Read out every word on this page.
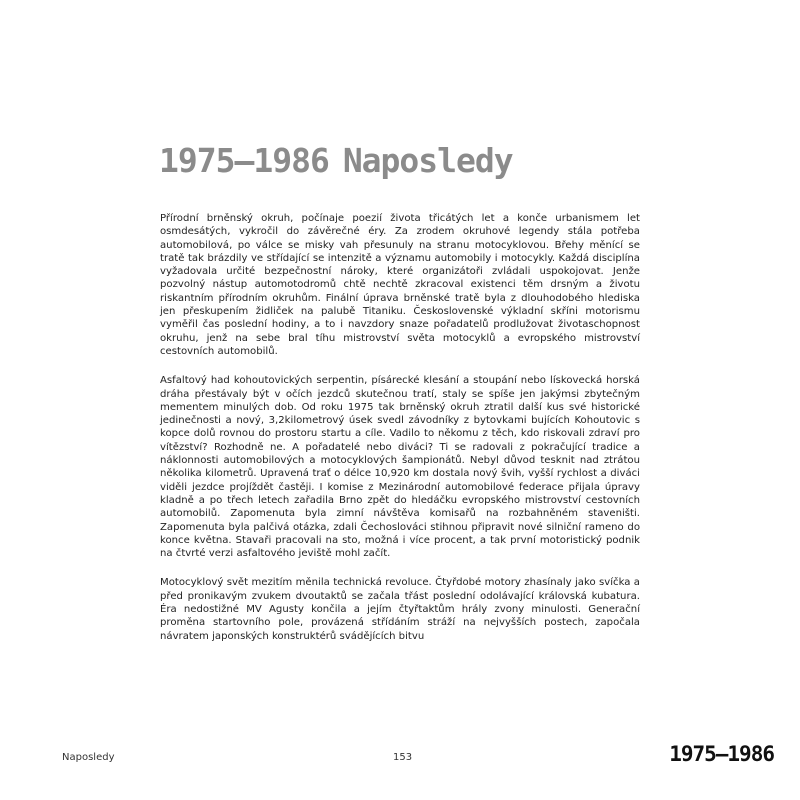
1975–1986 Naposledy

Přírodní brněnský okruh, počínaje poezií života třicátých let a konče urbanismem let osmdesátých, vykročil do závěrečné éry. Za zrodem okruhové legendy stála potřeba automobilová, po válce se misky vah přesunuly na stranu motocyklovou. Břehy měnící se tratě tak brázdily ve střídající se intenzitě a významu automobily i motocykly. Každá disciplína vyžadovala určité bezpečnostní nároky, které organizátoři zvládali uspokojovat. Jenže pozvolný nástup automotodromů chtě nechtě zkracoval existenci těm drsným a životu riskantním přírodním okruhům. Finální úprava brněnské tratě byla z dlouhodobého hlediska jen přeskupením židliček na palubě Titaniku. Československé výkladní skříni motorismu vyměřil čas poslední hodiny, a to i navzdory snaze pořadatelů prodlužovat životaschopnost okruhu, jenž na sebe bral tíhu mistrovství světa motocyklů a evropského mistrovství cestovních automobilů.

Asfaltový had kohoutovických serpentin, písárecké klesání a stoupání nebo lískovecká horská dráha přestávaly být v očích jezdců skutečnou tratí, staly se spíše jen jakýmsi zbytečným mementem minulých dob. Od roku 1975 tak brněnský okruh ztratil další kus své historické jedinečnosti a nový, 3,2kilometrový úsek svedl závodníky z bytovkami bujících Kohoutovic s kopce dolů rovnou do prostoru startu a cíle. Vadilo to někomu z těch, kdo riskovali zdraví pro vítězství? Rozhodně ne. A pořadatelé nebo diváci? Ti se radovali z pokračující tradice a náklonnosti automobilových a motocyklových šampionátů. Nebyl důvod tesknit nad ztrátou několika kilometrů. Upravená trať o délce 10,920 km dostala nový švih, vyšší rychlost a diváci viděli jezdce projíždět častěji. I komise z Mezinárodní automobilové federace přijala úpravy kladně a po třech letech zařadila Brno zpět do hledáčku evropského mistrovství cestovních automobilů. Zapomenuta byla zimní návštěva komisařů na rozbahněném staveništi. Zapomenuta byla palčivá otázka, zdali Čechoslováci stihnou připravit nové silniční rameno do konce května. Stavaři pracovali na sto, možná i více procent, a tak první motoristický podnik na čtvrté verzi asfaltového jeviště mohl začít.

Motocyklový svět mezitím měnila technická revoluce. Čtyřdobé motory zhasínaly jako svíčka a před pronikavým zvukem dvoutaktů se začala třást poslední odolávající královská kubatura. Éra nedostižné MV Agusty končila a jejím čtyřtaktům hrály zvony minulosti. Generační proměna startovního pole, provázená střídáním stráží na nejvyšších postech, započala návratem japonských konstruktérů svádějících bitvu

Naposledy	153	1975–1986
